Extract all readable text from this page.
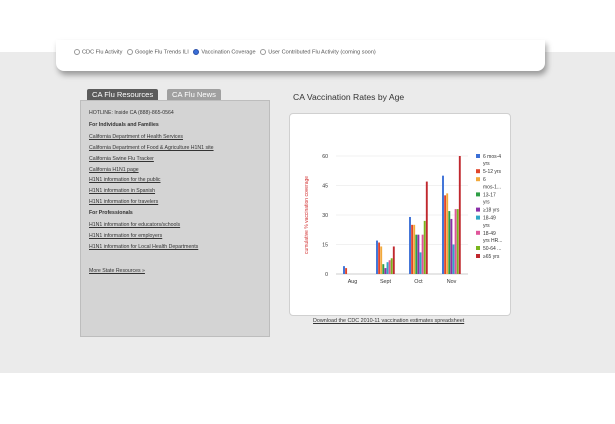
CDC Flu Activity Google Flu Trends ILI Vaccination Coverage User Contributed Flu Activity (coming soon)
CA Flu Resources	CA Flu News
HOTLINE: Inside CA (888)-865-0564
For Individuals and Families
California Department of Health Services
California Department of Food & Agriculture H1N1 site
California Swine Flu Tracker
California H1N1 page
H1N1 information for the public
H1N1 information in Spanish
H1N1 information for travelers
For Professionals
H1N1 information for educators/schools
H1N1 information for employers
H1N1 information for Local Health Departments
More State Resources »
CA Vaccination Rates by Age
0
15
30
45
60
cumulative % vaccination coverage
Aug	Sept	Oct	Nov
6 mos-4
yrs
5-12 yrs
6
mos-1...
13-17
yrs
≥18 yrs
18-49
yrs
18-49
yrs HR...
50-64 ...
≥65 yrs
Download the CDC 2010-11 vaccination estimates spreadsheet
